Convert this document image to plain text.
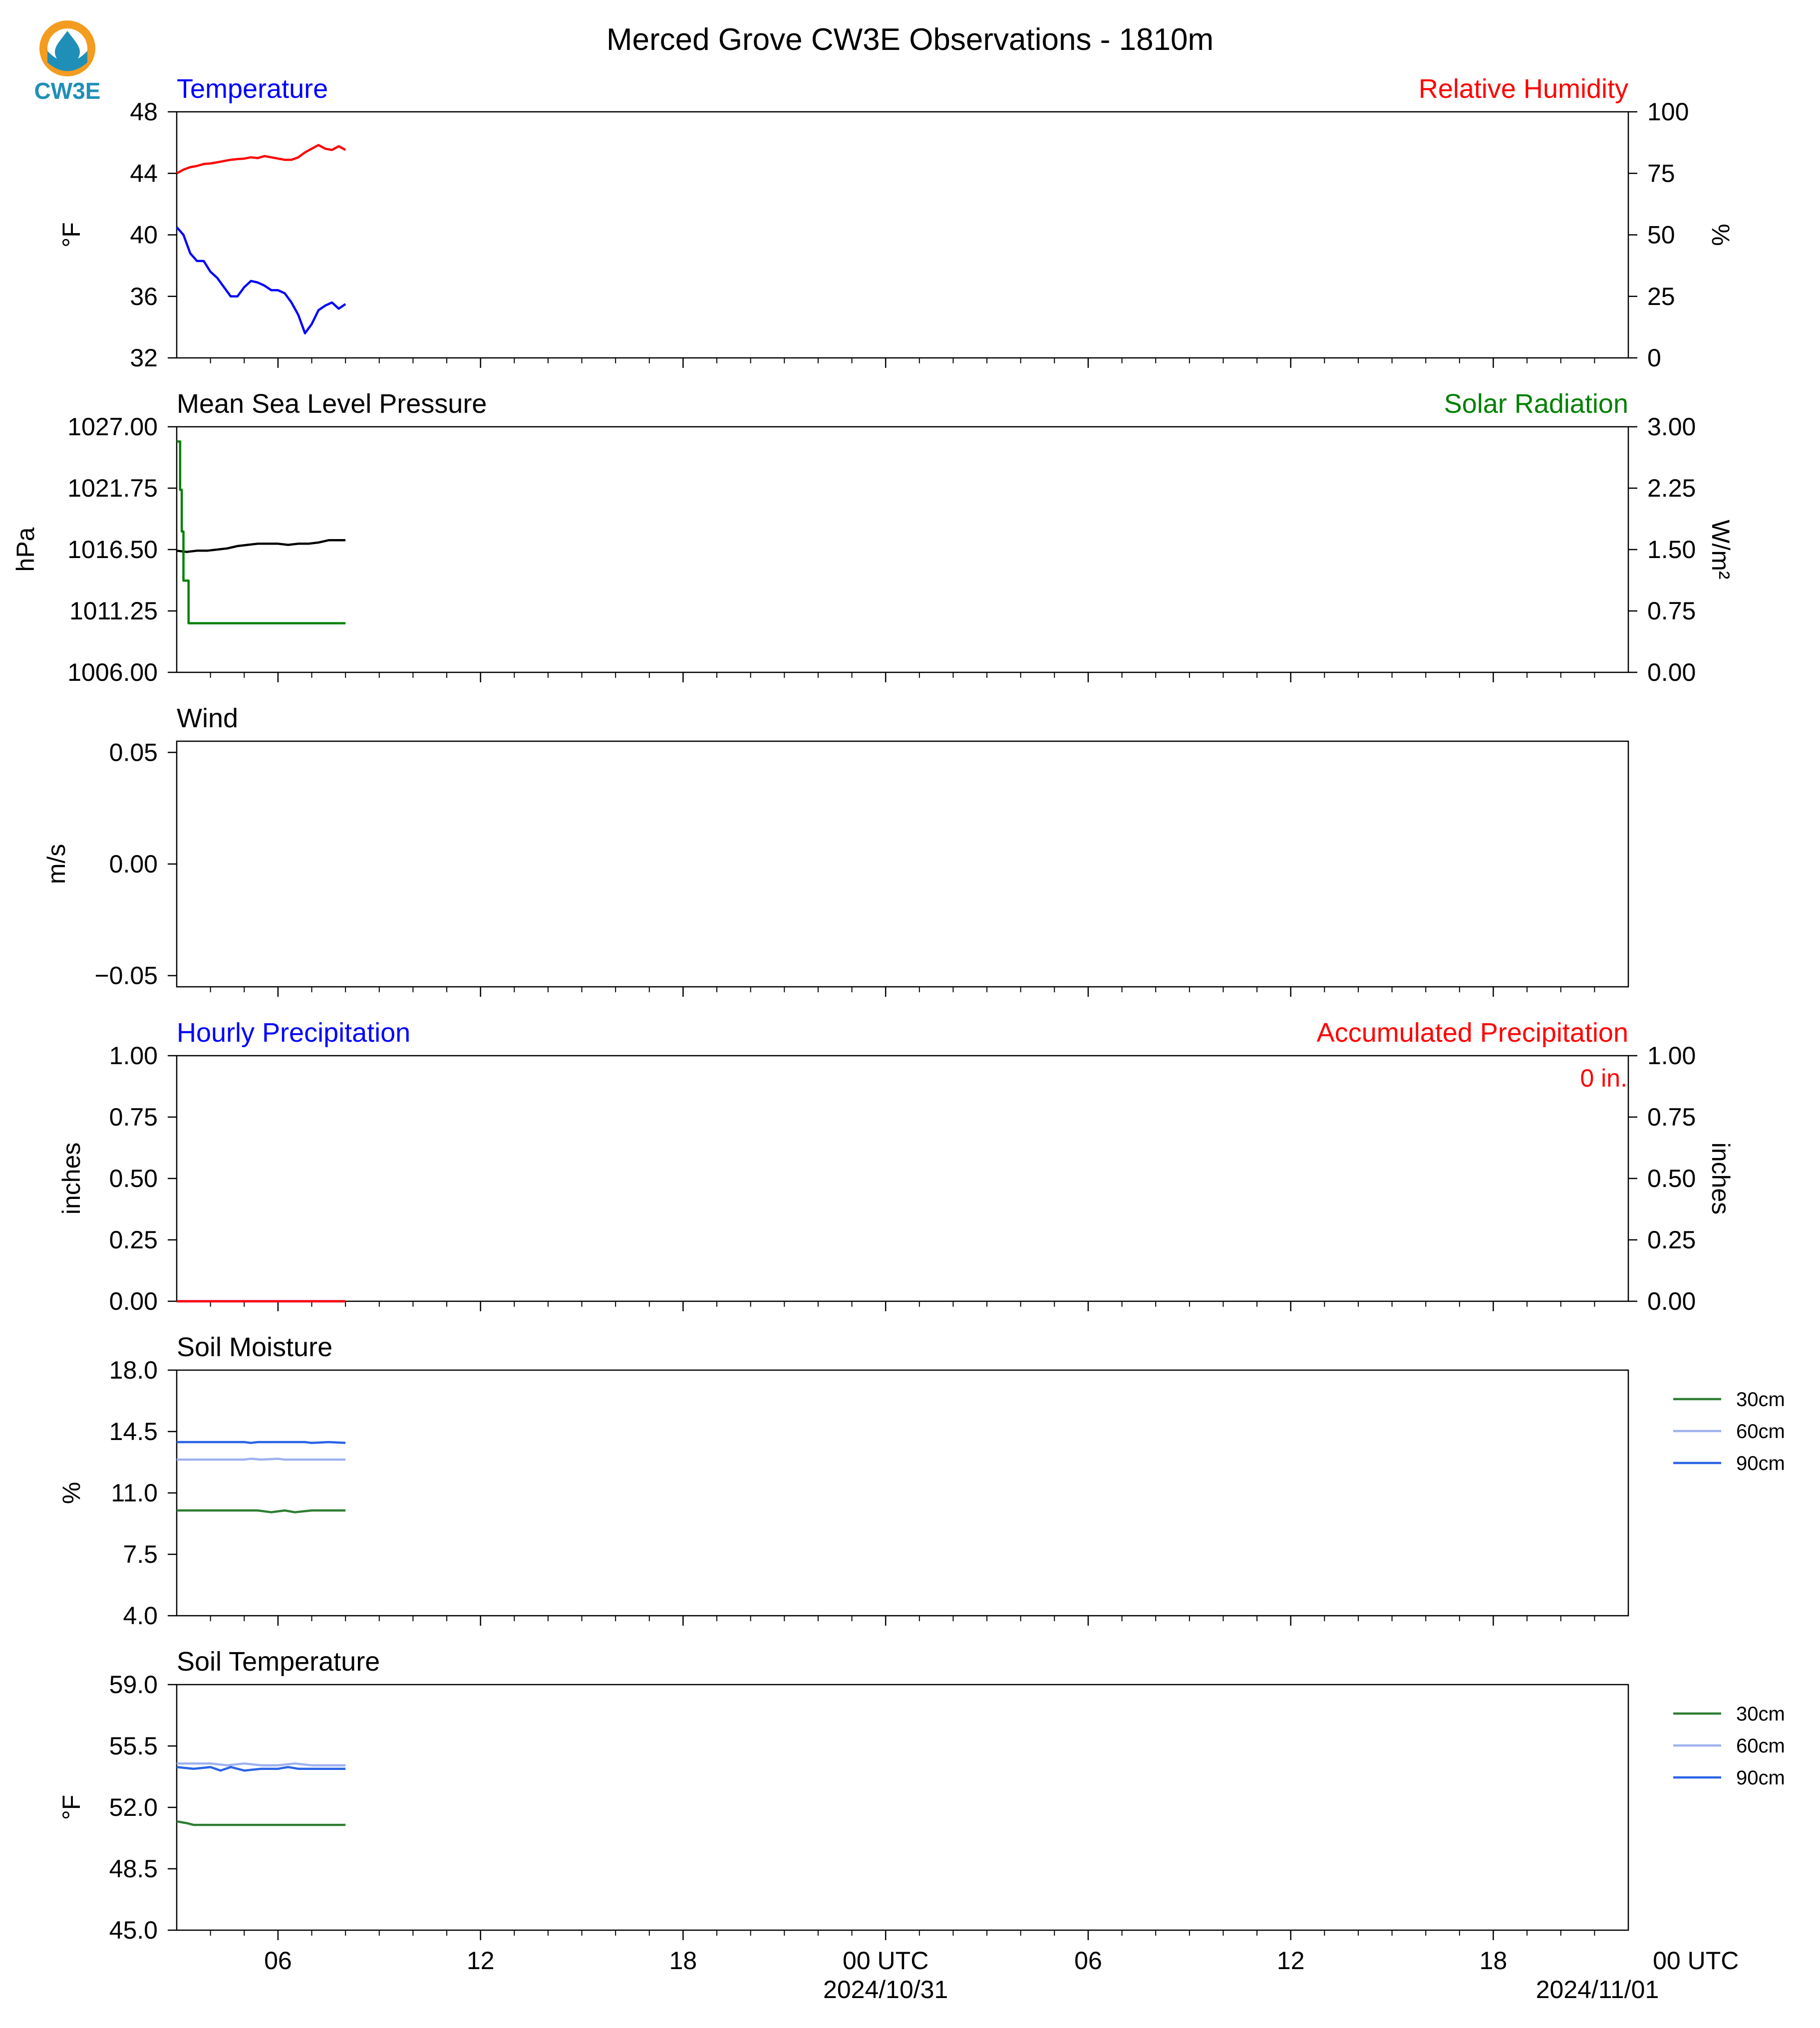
CW3E
Merced Grove CW3E Observations - 1810m
32
36
40
44
48
0
25
50
75
100
Temperature	Relative Humidity
°F	%
1006.00
1011.25
1016.50
1021.75
1027.00
0.00
0.75
1.50
2.25
3.00
Mean Sea Level Pressure	Solar Radiation
hPa	W/m²
−0.05
0.00
0.05
Wind
m/s
0.00
0.25
0.50
0.75
1.00
0.00
0.25
0.50
0.75
1.00
Hourly Precipitation	Accumulated Precipitation
inches	inches
0 in.
4.0
7.5
11.0
14.5
18.0
Soil Moisture
%
30cm
60cm
90cm
45.0
48.5
52.0
55.5
59.0
Soil Temperature
°F
30cm
60cm
90cm
06	12	18	00 UTC	06	12	18	00 UTC
2024/10/31	2024/11/01
